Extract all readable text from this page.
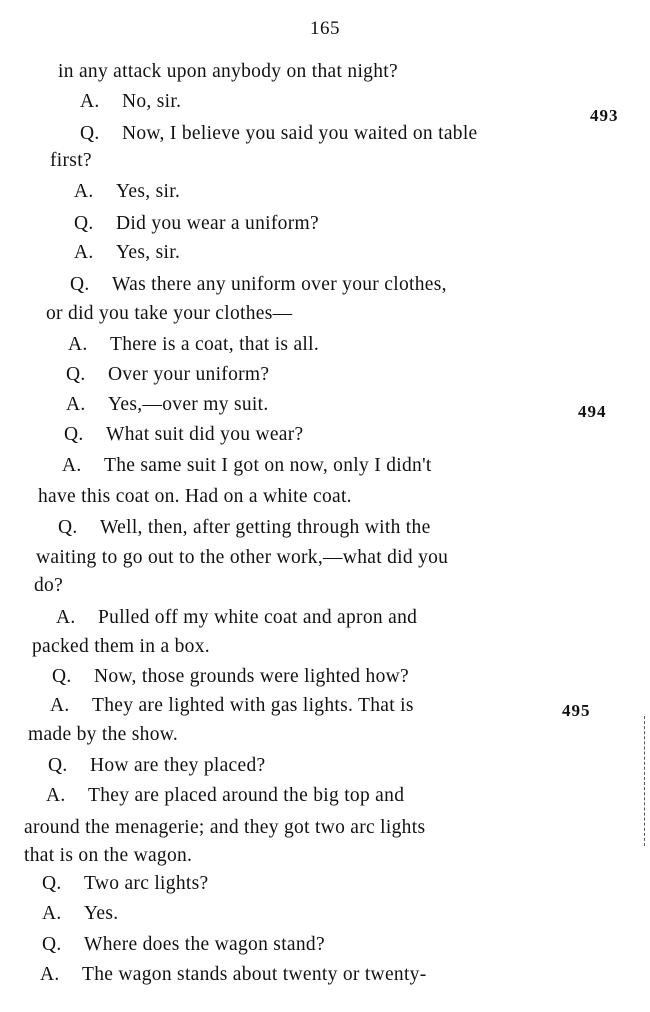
165
in any attack upon anybody on that night?
A. No, sir.
Q. Now, I believe you said you waited on table
first?
A. Yes, sir.
Q. Did you wear a uniform?
A. Yes, sir.
Q. Was there any uniform over your clothes,
or did you take your clothes—
A. There is a coat, that is all.
Q. Over your uniform?
A. Yes,—over my suit.
Q. What suit did you wear?
A. The same suit I got on now, only I didn't
have this coat on. Had on a white coat.
Q. Well, then, after getting through with the
waiting to go out to the other work,—what did you
do?
A. Pulled off my white coat and apron and
packed them in a box.
Q. Now, those grounds were lighted how?
A. They are lighted with gas lights. That is
made by the show.
Q. How are they placed?
A. They are placed around the big top and
around the menagerie; and they got two arc lights
that is on the wagon.
Q. Two arc lights?
A. Yes.
Q. Where does the wagon stand?
A. The wagon stands about twenty or twenty-
493
494
495
